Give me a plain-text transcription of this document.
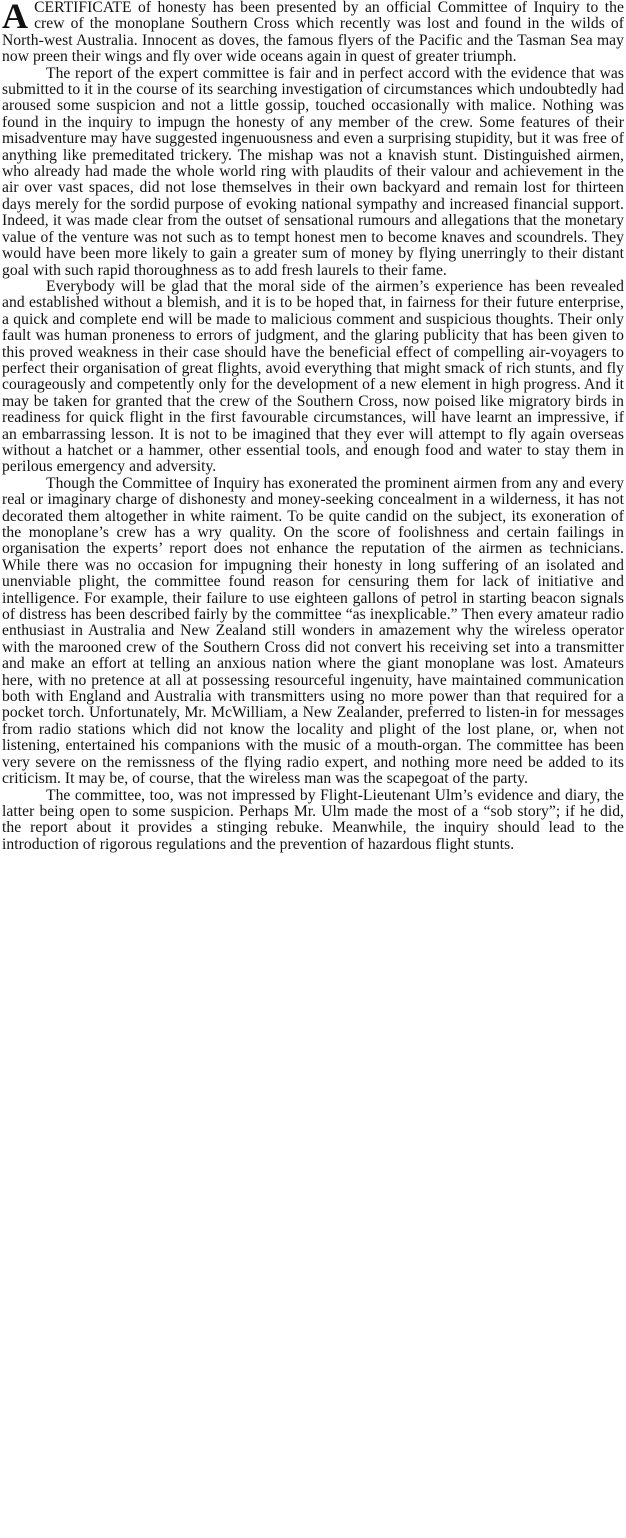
ACERTIFICATE of honesty has been presented by an official Committee of Inquiry to the crew of the monoplane Southern Cross which recently was lost and found in the wilds of North-west Australia. Innocent as doves, the famous flyers of the Pacific and the Tasman Sea may now preen their wings and fly over wide oceans again in quest of greater triumph.

The report of the expert committee is fair and in perfect accord with the evidence that was submitted to it in the course of its searching investigation of circumstances which undoubtedly had aroused some suspicion and not a little gossip, touched occasionally with malice. Nothing was found in the inquiry to impugn the honesty of any member of the crew. Some features of their misadventure may have suggested ingenuousness and even a surprising stupidity, but it was free of anything like premeditated trickery. The mishap was not a knavish stunt. Distinguished airmen, who already had made the whole world ring with plaudits of their valour and achievement in the air over vast spaces, did not lose themselves in their own backyard and remain lost for thirteen days merely for the sordid purpose of evoking national sympathy and increased financial support. Indeed, it was made clear from the outset of sensational rumours and allegations that the monetary value of the venture was not such as to tempt honest men to become knaves and scoundrels. They would have been more likely to gain a greater sum of money by flying unerringly to their distant goal with such rapid thoroughness as to add fresh laurels to their fame.

Everybody will be glad that the moral side of the airmen’s experience has been revealed and established without a blemish, and it is to be hoped that, in fairness for their future enterprise, a quick and complete end will be made to malicious comment and suspicious thoughts. Their only fault was human proneness to errors of judgment, and the glaring publicity that has been given to this proved weakness in their case should have the beneficial effect of compelling air-voyagers to perfect their organisation of great flights, avoid everything that might smack of rich stunts, and fly courageously and competently only for the development of a new element in high progress. And it may be taken for granted that the crew of the Southern Cross, now poised like migratory birds in readiness for quick flight in the first favourable circumstances, will have learnt an impressive, if an embarrassing lesson. It is not to be imagined that they ever will attempt to fly again overseas without a hatchet or a hammer, other essential tools, and enough food and water to stay them in perilous emergency and adversity.

Though the Committee of Inquiry has exonerated the prominent airmen from any and every real or imaginary charge of dishonesty and money-seeking concealment in a wilderness, it has not decorated them altogether in white raiment. To be quite candid on the subject, its exoneration of the monoplane’s crew has a wry quality. On the score of foolishness and certain failings in organisation the experts’ report does not enhance the reputation of the airmen as technicians. While there was no occasion for impugning their honesty in long suffering of an isolated and unenviable plight, the committee found reason for censuring them for lack of initiative and intelligence. For example, their failure to use eighteen gallons of petrol in starting beacon signals of distress has been described fairly by the committee “as inexplicable.” Then every amateur radio enthusiast in Australia and New Zealand still wonders in amazement why the wireless operator with the marooned crew of the Southern Cross did not convert his receiving set into a transmitter and make an effort at telling an anxious nation where the giant monoplane was lost. Amateurs here, with no pretence at all at possessing resourceful ingenuity, have maintained communication both with England and Australia with transmitters using no more power than that required for a pocket torch. Unfortunately, Mr. McWilliam, a New Zealander, preferred to listen-in for messages from radio stations which did not know the locality and plight of the lost plane, or, when not listening, entertained his companions with the music of a mouth-organ. The committee has been very severe on the remissness of the flying radio expert, and nothing more need be added to its criticism. It may be, of course, that the wireless man was the scapegoat of the party.

The committee, too, was not impressed by Flight-Lieutenant Ulm’s evidence and diary, the latter being open to some suspicion. Perhaps Mr. Ulm made the most of a “sob story”; if he did, the report about it provides a stinging rebuke. Meanwhile, the inquiry should lead to the introduction of rigorous regulations and the prevention of hazardous flight stunts.
